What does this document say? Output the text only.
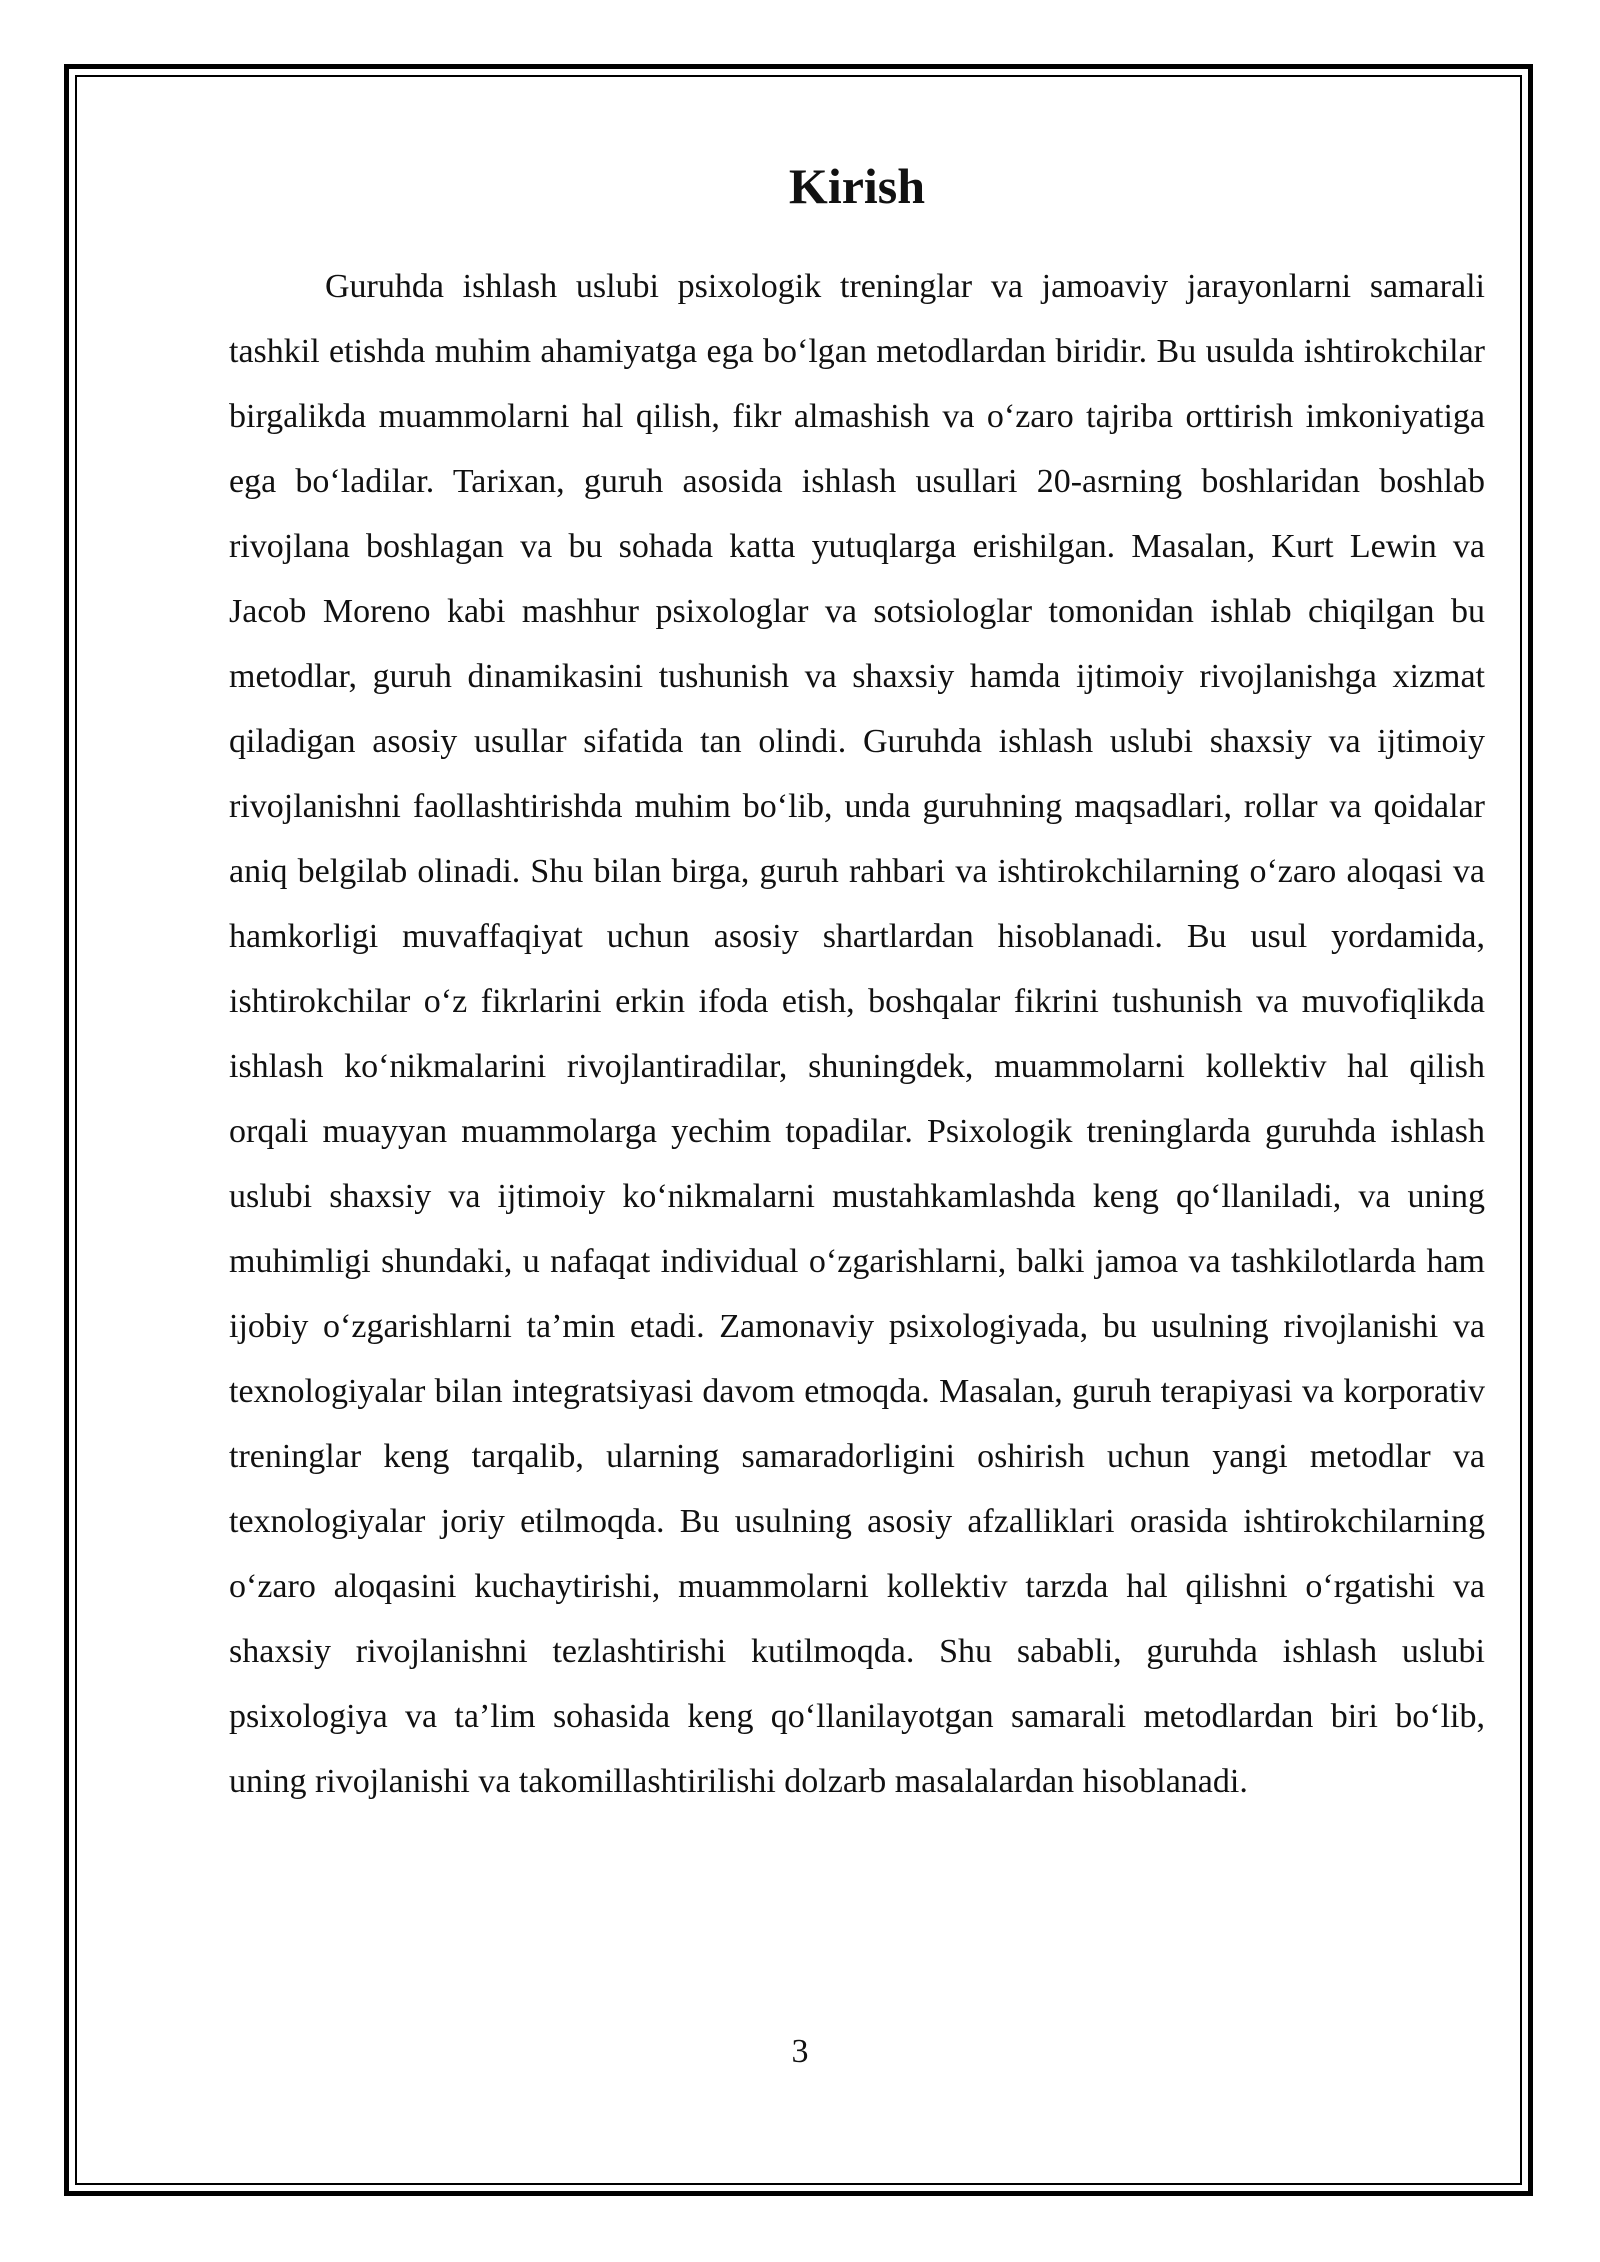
Kirish

Guruhda ishlash uslubi psixologik treninglar va jamoaviy jarayonlarni samarali tashkil etishda muhim ahamiyatga ega bo‘lgan metodlardan biridir. Bu usulda ishtirokchilar birgalikda muammolarni hal qilish, fikr almashish va o‘zaro tajriba orttirish imkoniyatiga ega bo‘ladilar. Tarixan, guruh asosida ishlash usullari 20-asrning boshlaridan boshlab rivojlana boshlagan va bu sohada katta yutuqlarga erishilgan. Masalan, Kurt Lewin va Jacob Moreno kabi mashhur psixologlar va sotsiologlar tomonidan ishlab chiqilgan bu metodlar, guruh dinamikasini tushunish va shaxsiy hamda ijtimoiy rivojlanishga xizmat qiladigan asosiy usullar sifatida tan olindi. Guruhda ishlash uslubi shaxsiy va ijtimoiy rivojlanishni faollashtirishda muhim bo‘lib, unda guruhning maqsadlari, rollar va qoidalar aniq belgilab olinadi. Shu bilan birga, guruh rahbari va ishtirokchilarning o‘zaro aloqasi va hamkorligi muvaffaqiyat uchun asosiy shartlardan hisoblanadi. Bu usul yordamida, ishtirokchilar o‘z fikrlarini erkin ifoda etish, boshqalar fikrini tushunish va muvofiqlikda ishlash ko‘nikmalarini rivojlantiradilar, shuningdek, muammolarni kollektiv hal qilish orqali muayyan muammolarga yechim topadilar. Psixologik treninglarda guruhda ishlash uslubi shaxsiy va ijtimoiy ko‘nikmalarni mustahkamlashda keng qo‘llaniladi, va uning muhimligi shundaki, u nafaqat individual o‘zgarishlarni, balki jamoa va tashkilotlarda ham ijobiy o‘zgarishlarni ta’min etadi. Zamonaviy psixologiyada, bu usulning rivojlanishi va texnologiyalar bilan integratsiyasi davom etmoqda. Masalan, guruh terapiyasi va korporativ treninglar keng tarqalib, ularning samaradorligini oshirish uchun yangi metodlar va texnologiyalar joriy etilmoqda. Bu usulning asosiy afzalliklari orasida ishtirokchilarning o‘zaro aloqasini kuchaytirishi, muammolarni kollektiv tarzda hal qilishni o‘rgatishi va shaxsiy rivojlanishni tezlashtirishi kutilmoqda. Shu sababli, guruhda ishlash uslubi psixologiya va ta’lim sohasida keng qo‘llanilayotgan samarali metodlardan biri bo‘lib, uning rivojlanishi va takomillashtirilishi dolzarb masalalardan hisoblanadi.

3
